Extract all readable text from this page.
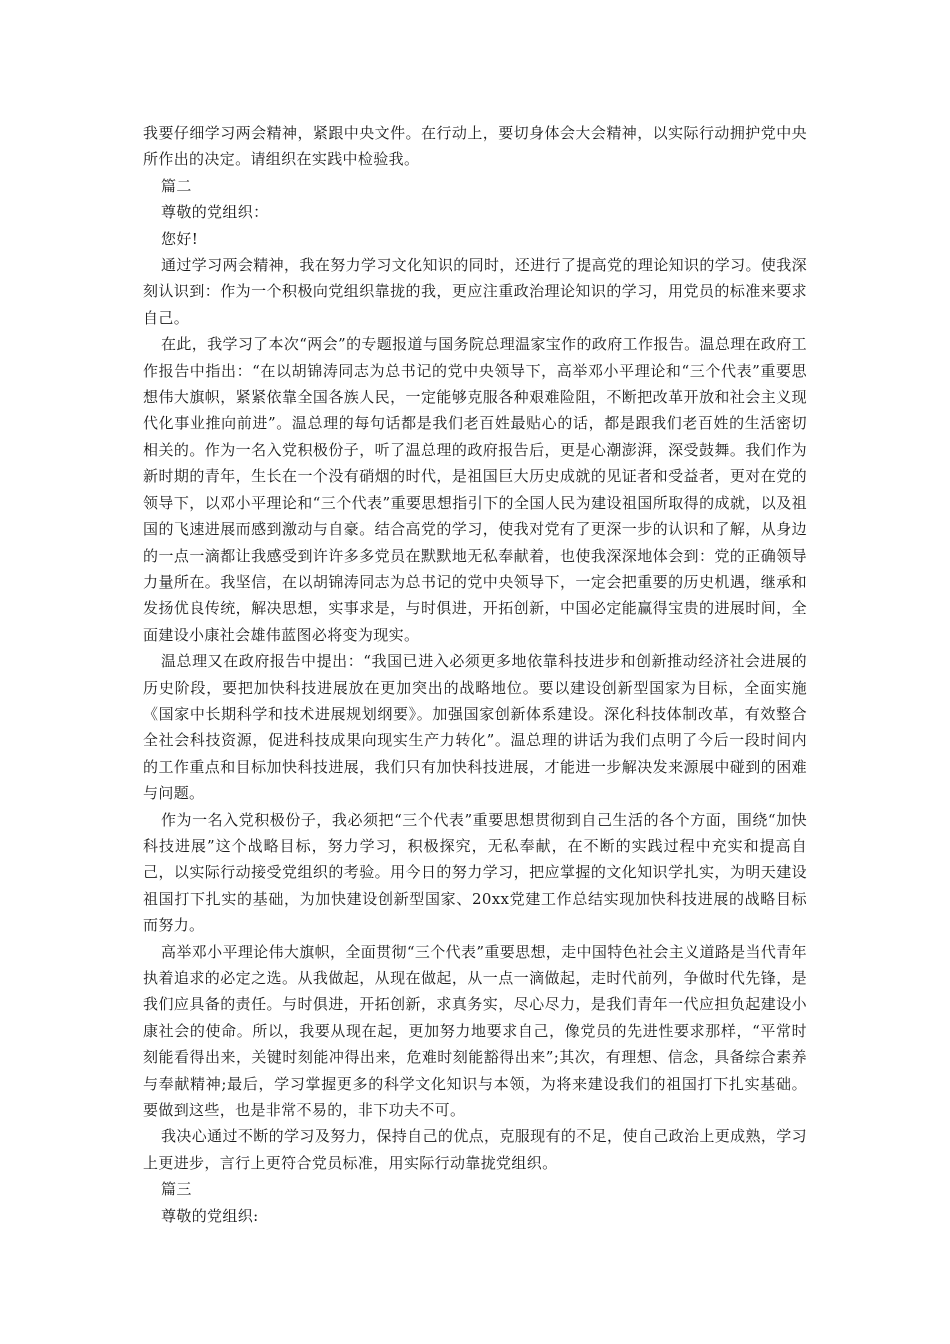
我要仔细学习两会精神，紧跟中央文件。在行动上，要切身体会大会精神，以实际行动拥护党中央所作出的决定。请组织在实践中检验我。

篇二

尊敬的党组织：

您好!

通过学习两会精神，我在努力学习文化知识的同时，还进行了提高党的理论知识的学习。使我深刻认识到：作为一个积极向党组织靠拢的我，更应注重政治理论知识的学习，用党员的标准来要求自己。

在此，我学习了本次“两会”的专题报道与国务院总理温家宝作的政府工作报告。温总理在政府工作报告中指出：“在以胡锦涛同志为总书记的党中央领导下，高举邓小平理论和“三个代表”重要思想伟大旗帜，紧紧依靠全国各族人民，一定能够克服各种艰难险阻，不断把改革开放和社会主义现代化事业推向前进”。温总理的每句话都是我们老百姓最贴心的话，都是跟我们老百姓的生活密切相关的。作为一名入党积极份子，听了温总理的政府报告后，更是心潮澎湃，深受鼓舞。我们作为新时期的青年，生长在一个没有硝烟的时代，是祖国巨大历史成就的见证者和受益者，更对在党的领导下，以邓小平理论和“三个代表”重要思想指引下的全国人民为建设祖国所取得的成就，以及祖国的飞速进展而感到激动与自豪。结合高党的学习，使我对党有了更深一步的认识和了解，从身边的一点一滴都让我感受到许许多多党员在默默地无私奉献着，也使我深深地体会到：党的正确领导力量所在。我坚信，在以胡锦涛同志为总书记的党中央领导下，一定会把重要的历史机遇，继承和发扬优良传统，解决思想，实事求是，与时俱进，开拓创新，中国必定能赢得宝贵的进展时间，全面建设小康社会雄伟蓝图必将变为现实。

温总理又在政府报告中提出：“我国已进入必须更多地依靠科技进步和创新推动经济社会进展的历史阶段，要把加快科技进展放在更加突出的战略地位。要以建设创新型国家为目标，全面实施《国家中长期科学和技术进展规划纲要》。加强国家创新体系建设。深化科技体制改革，有效整合全社会科技资源，促进科技成果向现实生产力转化”。温总理的讲话为我们点明了今后一段时间内的工作重点和目标加快科技进展，我们只有加快科技进展，才能进一步解决发来源展中碰到的困难与问题。

作为一名入党积极份子，我必须把“三个代表”重要思想贯彻到自己生活的各个方面，围绕“加快科技进展”这个战略目标，努力学习，积极探究，无私奉献，在不断的实践过程中充实和提高自己，以实际行动接受党组织的考验。用今日的努力学习，把应掌握的文化知识学扎实，为明天建设祖国打下扎实的基础，为加快建设创新型国家、20xx党建工作总结实现加快科技进展的战略目标而努力。

高举邓小平理论伟大旗帜，全面贯彻“三个代表”重要思想，走中国特色社会主义道路是当代青年执着追求的必定之选。从我做起，从现在做起，从一点一滴做起，走时代前列，争做时代先锋，是我们应具备的责任。与时俱进，开拓创新，求真务实，尽心尽力，是我们青年一代应担负起建设小康社会的使命。所以，我要从现在起，更加努力地要求自己，像党员的先进性要求那样，“平常时刻能看得出来，关键时刻能冲得出来，危难时刻能豁得出来”;其次，有理想、信念，具备综合素养与奉献精神;最后，学习掌握更多的科学文化知识与本领，为将来建设我们的祖国打下扎实基础。要做到这些，也是非常不易的，非下功夫不可。

我决心通过不断的学习及努力，保持自己的优点，克服现有的不足，使自己政治上更成熟，学习上更进步，言行上更符合党员标准，用实际行动靠拢党组织。

篇三

尊敬的党组织:
